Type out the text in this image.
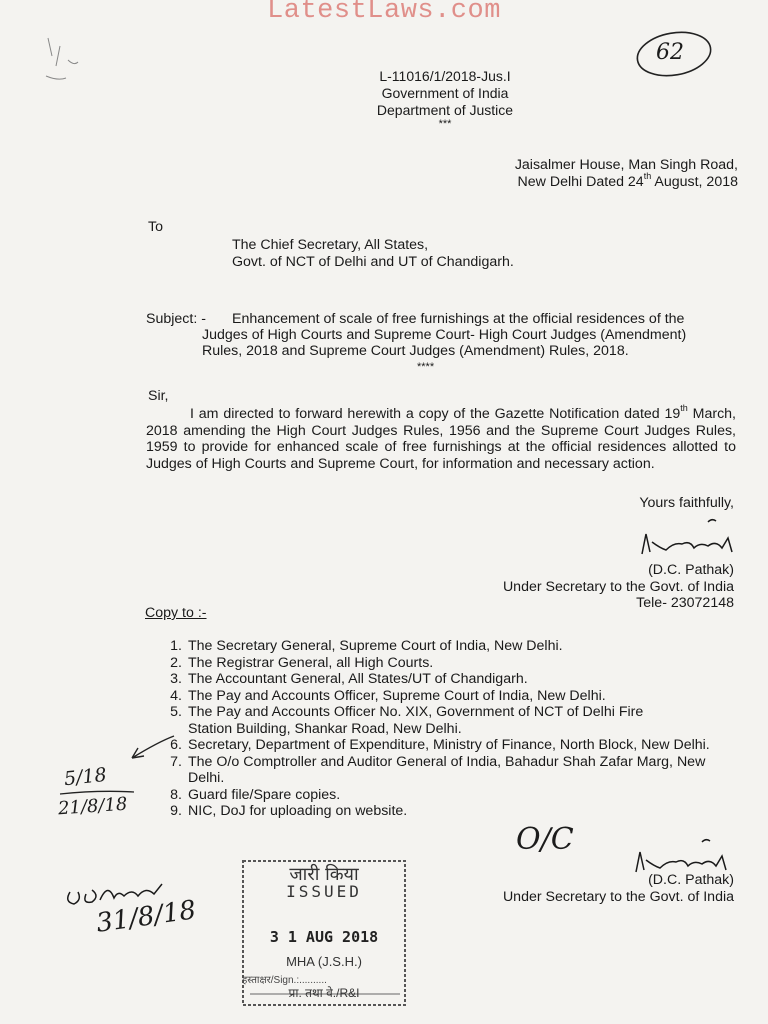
LatestLaws.com
62
L-11016/1/2018-Jus.I
Government of India
Department of Justice
***
Jaisalmer House, Man Singh Road,
New Delhi Dated 24th August, 2018
To
The Chief Secretary, All States,
Govt. of NCT of Delhi and UT of Chandigarh.
Subject: - Enhancement of scale of free furnishings at the official residences of the
Judges of High Courts and Supreme Court- High Court Judges (Amendment)
Rules, 2018 and Supreme Court Judges (Amendment) Rules, 2018.
****
Sir,
I am directed to forward herewith a copy of the Gazette Notification dated 19th March, 2018 amending the High Court Judges Rules, 1956 and the Supreme Court Judges Rules, 1959 to provide for enhanced scale of free furnishings at the official residences allotted to Judges of High Courts and Supreme Court, for information and necessary action.
Yours faithfully,
(D.C. Pathak)
Under Secretary to the Govt. of India
Tele- 23072148
Copy to :-
1. The Secretary General, Supreme Court of India, New Delhi.
2. The Registrar General, all High Courts.
3. The Accountant General, All States/UT of Chandigarh.
4. The Pay and Accounts Officer, Supreme Court of India, New Delhi.
5. The Pay and Accounts Officer No. XIX, Government of NCT of Delhi Fire Station Building, Shankar Road, New Delhi.
6. Secretary, Department of Expenditure, Ministry of Finance, North Block, New Delhi.
7. The O/o Comptroller and Auditor General of India, Bahadur Shah Zafar Marg, New Delhi.
8. Guard file/Spare copies.
9. NIC, DoJ for uploading on website.
5/18
21/8/18
O/C
(D.C. Pathak)
Under Secretary to the Govt. of India
31/8/18
जारी किया
ISSUED
3 1 AUG 2018
MHA (J.S.H.)
हस्ताक्षर/Sign.:..........
प्रा. तथा वे./R&I
